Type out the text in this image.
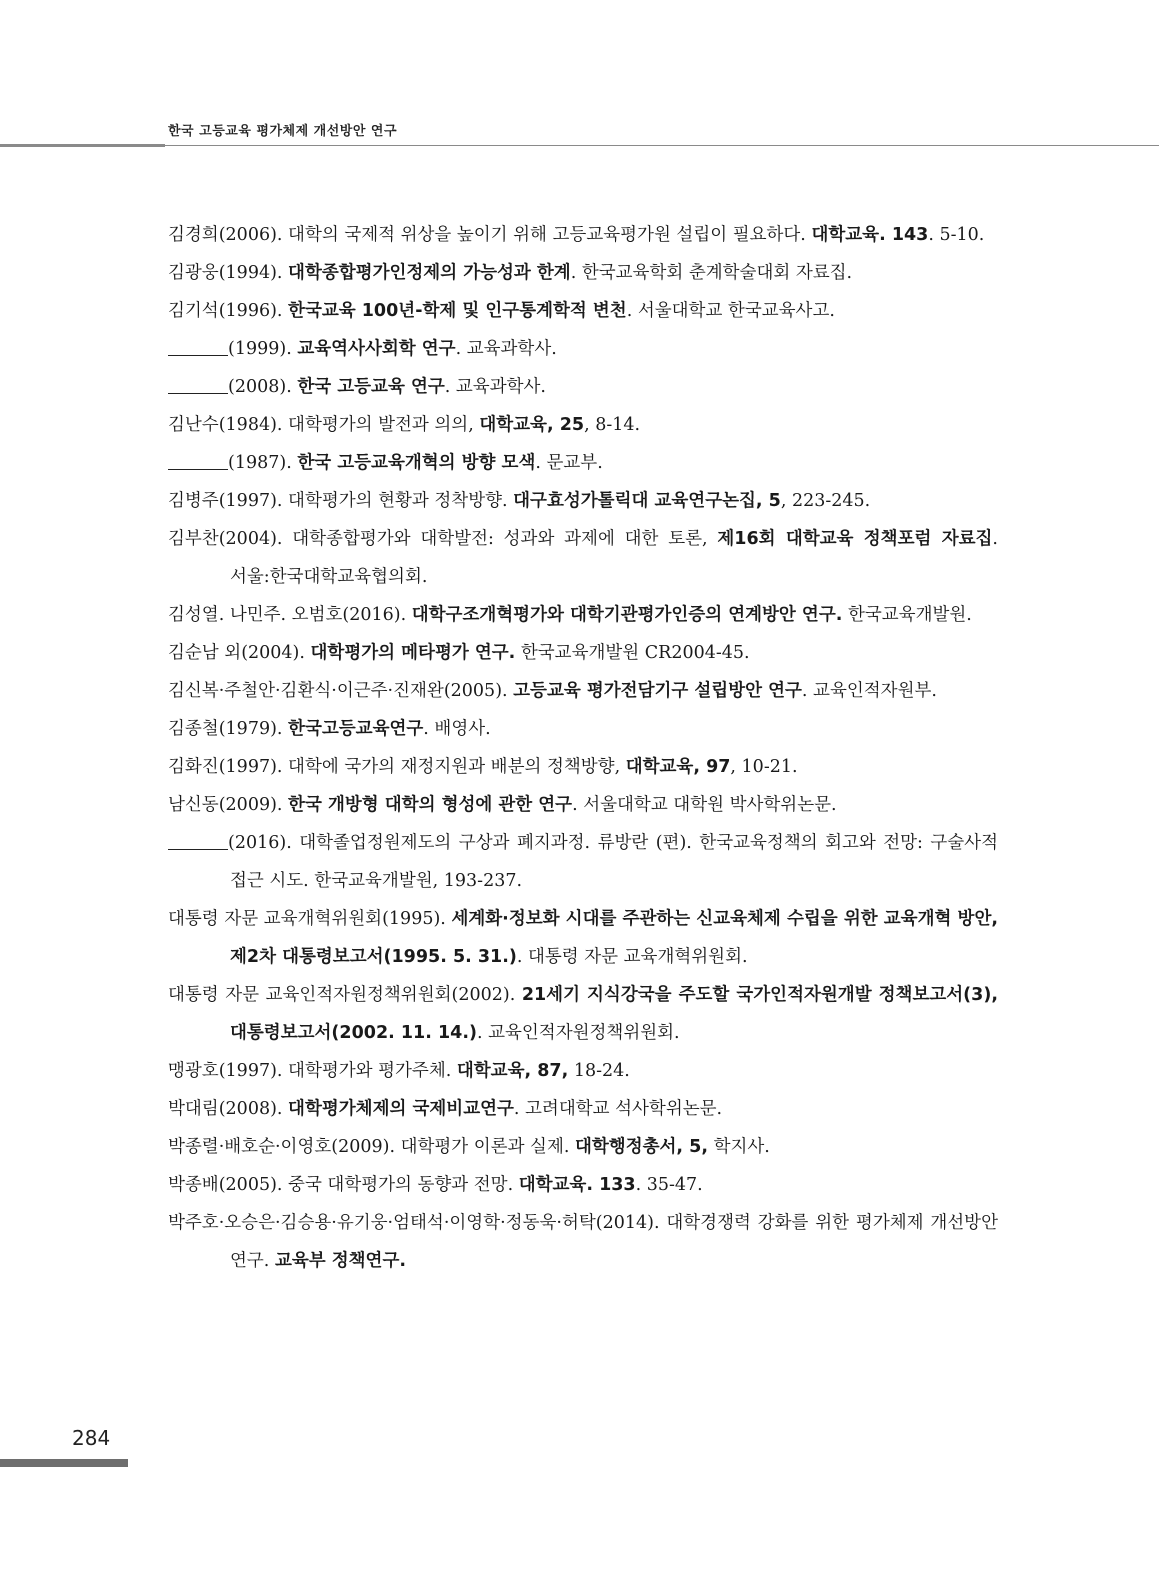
한국 고등교육 평가체제 개선방안 연구
김경희(2006). 대학의 국제적 위상을 높이기 위해 고등교육평가원 설립이 필요하다. 대학교육. 143. 5-10.
김광웅(1994). 대학종합평가인정제의 가능성과 한계. 한국교육학회 춘계학술대회 자료집.
김기석(1996). 한국교육 100년-학제 및 인구통계학적 변천. 서울대학교 한국교육사고.
(1999). 교육역사사회학 연구. 교육과학사.
(2008). 한국 고등교육 연구. 교육과학사.
김난수(1984). 대학평가의 발전과 의의, 대학교육, 25, 8-14.
(1987). 한국 고등교육개혁의 방향 모색. 문교부.
김병주(1997). 대학평가의 현황과 정착방향. 대구효성가톨릭대 교육연구논집, 5, 223-245.
김부찬(2004). 대학종합평가와 대학발전: 성과와 과제에 대한 토론, 제16회 대학교육 정책포럼 자료집. 서울:한국대학교육협의회.
김성열. 나민주. 오범호(2016). 대학구조개혁평가와 대학기관평가인증의 연계방안 연구. 한국교육개발원.
김순남 외(2004). 대학평가의 메타평가 연구. 한국교육개발원 CR2004-45.
김신복·주철안·김환식·이근주·진재완(2005). 고등교육 평가전담기구 설립방안 연구. 교육인적자원부.
김종철(1979). 한국고등교육연구. 배영사.
김화진(1997). 대학에 국가의 재정지원과 배분의 정책방향, 대학교육, 97, 10-21.
남신동(2009). 한국 개방형 대학의 형성에 관한 연구. 서울대학교 대학원 박사학위논문.
(2016). 대학졸업정원제도의 구상과 폐지과정. 류방란 (편). 한국교육정책의 회고와 전망: 구술사적 접근 시도. 한국교육개발원, 193-237.
대통령 자문 교육개혁위원회(1995). 세계화·정보화 시대를 주관하는 신교육체제 수립을 위한 교육개혁 방안, 제2차 대통령보고서(1995. 5. 31.). 대통령 자문 교육개혁위원회.
대통령 자문 교육인적자원정책위원회(2002). 21세기 지식강국을 주도할 국가인적자원개발 정책보고서(3), 대통령보고서(2002. 11. 14.). 교육인적자원정책위원회.
맹광호(1997). 대학평가와 평가주체. 대학교육, 87, 18-24.
박대림(2008). 대학평가체제의 국제비교연구. 고려대학교 석사학위논문.
박종렬·배호순·이영호(2009). 대학평가 이론과 실제. 대학행정총서, 5, 학지사.
박종배(2005). 중국 대학평가의 동향과 전망. 대학교육. 133. 35-47.
박주호·오승은·김승용·유기웅·엄태석·이영학·정동욱·허탁(2014). 대학경쟁력 강화를 위한 평가체제 개선방안 연구. 교육부 정책연구.
284
